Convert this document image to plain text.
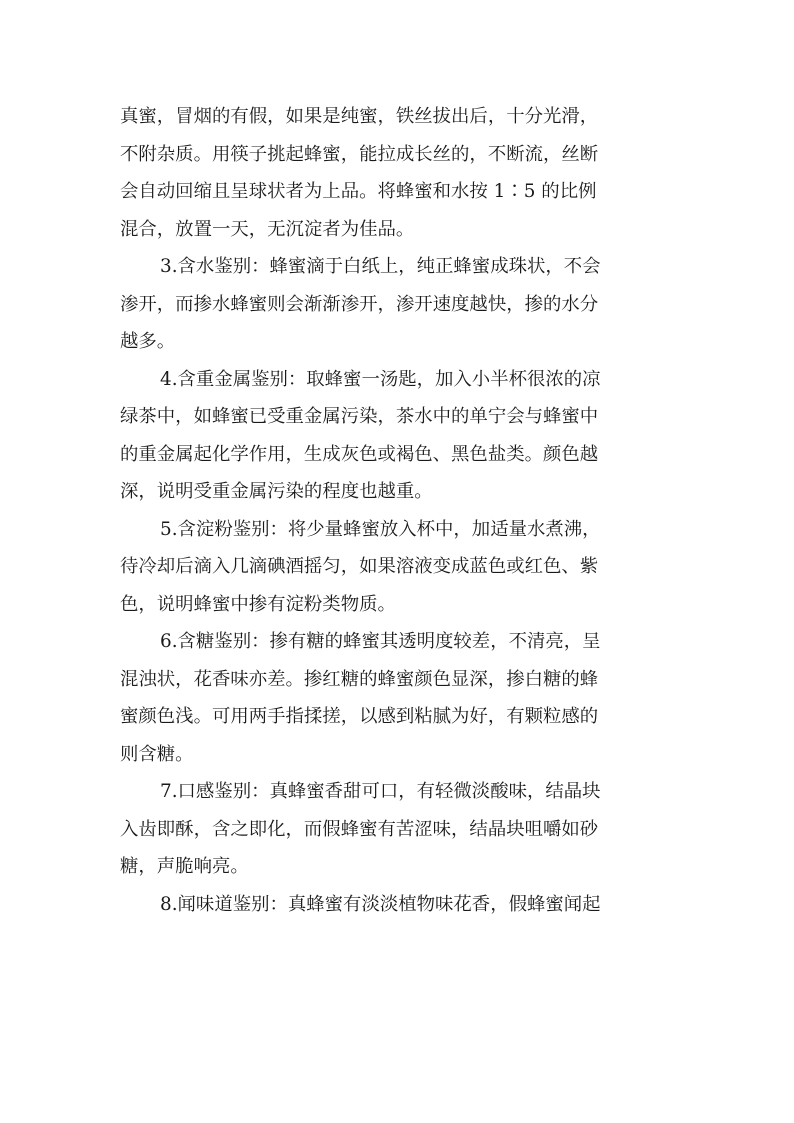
真蜜，冒烟的有假，如果是纯蜜，铁丝拔出后，十分光滑，
不附杂质。用筷子挑起蜂蜜，能拉成长丝的，不断流，丝断
会自动回缩且呈球状者为上品。将蜂蜜和水按 1∶5 的比例
混合，放置一天，无沉淀者为佳品。

3.含水鉴别：蜂蜜滴于白纸上，纯正蜂蜜成珠状，不会
渗开，而掺水蜂蜜则会渐渐渗开，渗开速度越快，掺的水分
越多。

4.含重金属鉴别：取蜂蜜一汤匙，加入小半杯很浓的凉
绿茶中，如蜂蜜已受重金属污染，茶水中的单宁会与蜂蜜中
的重金属起化学作用，生成灰色或褐色、黑色盐类。颜色越
深，说明受重金属污染的程度也越重。

5.含淀粉鉴别：将少量蜂蜜放入杯中，加适量水煮沸，
待冷却后滴入几滴碘酒摇匀，如果溶液变成蓝色或红色、紫
色，说明蜂蜜中掺有淀粉类物质。

6.含糖鉴别：掺有糖的蜂蜜其透明度较差，不清亮，呈
混浊状，花香味亦差。掺红糖的蜂蜜颜色显深，掺白糖的蜂
蜜颜色浅。可用两手指揉搓，以感到粘腻为好，有颗粒感的
则含糖。

7.口感鉴别：真蜂蜜香甜可口，有轻微淡酸味，结晶块
入齿即酥，含之即化，而假蜂蜜有苦涩味，结晶块咀嚼如砂
糖，声脆响亮。

8.闻味道鉴别：真蜂蜜有淡淡植物味花香，假蜂蜜闻起
